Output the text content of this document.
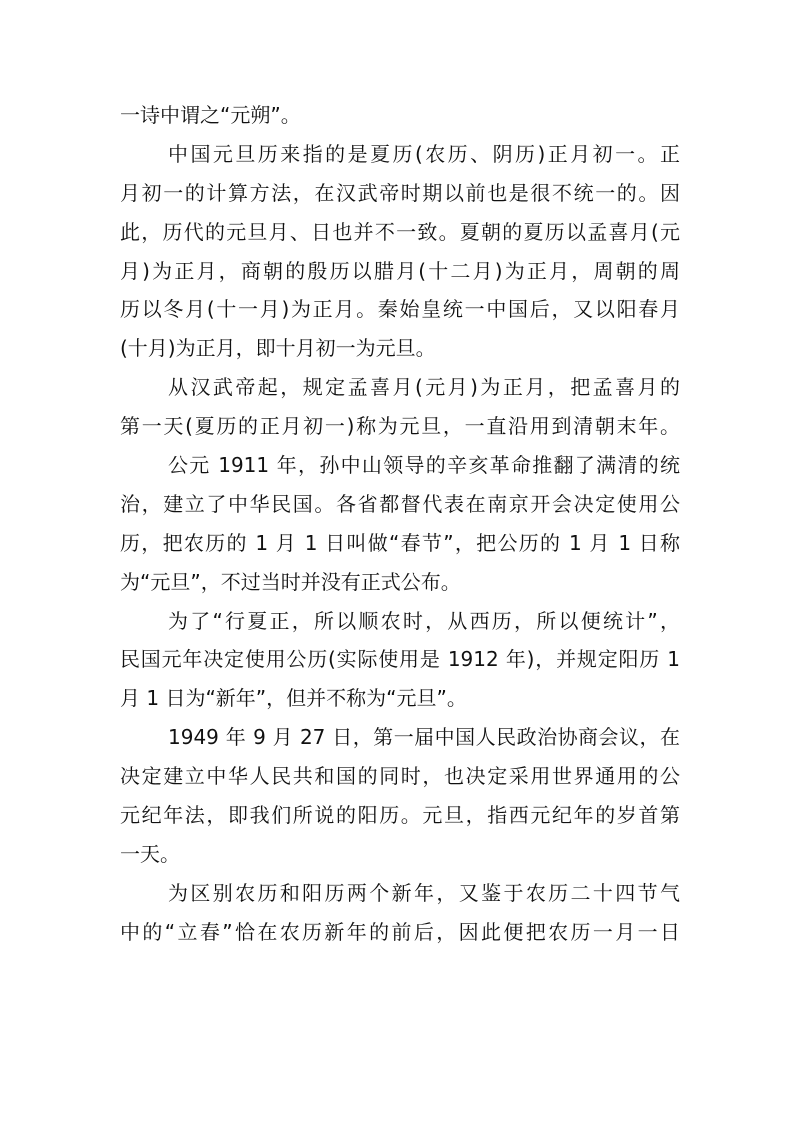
一诗中谓之“元朔”。
中国元旦历来指的是夏历(农历、阴历)正月初一。正
月初一的计算方法，在汉武帝时期以前也是很不统一的。因
此，历代的元旦月、日也并不一致。夏朝的夏历以孟喜月(元
月)为正月，商朝的殷历以腊月(十二月)为正月，周朝的周
历以冬月(十一月)为正月。秦始皇统一中国后，又以阳春月
(十月)为正月，即十月初一为元旦。
从汉武帝起，规定孟喜月(元月)为正月，把孟喜月的
第一天(夏历的正月初一)称为元旦，一直沿用到清朝末年。
公元 1911 年，孙中山领导的辛亥革命推翻了满清的统
治，建立了中华民国。各省都督代表在南京开会决定使用公
历，把农历的 1 月 1 日叫做“春节”，把公历的 1 月 1 日称
为“元旦”，不过当时并没有正式公布。
为了“行夏正，所以顺农时，从西历，所以便统计”，
民国元年决定使用公历(实际使用是 1912 年)，并规定阳历 1
月 1 日为“新年”，但并不称为“元旦”。
1949 年 9 月 27 日，第一届中国人民政治协商会议，在
决定建立中华人民共和国的同时，也决定采用世界通用的公
元纪年法，即我们所说的阳历。元旦，指西元纪年的岁首第
一天。
为区别农历和阳历两个新年，又鉴于农历二十四节气
中的“立春”恰在农历新年的前后，因此便把农历一月一日
